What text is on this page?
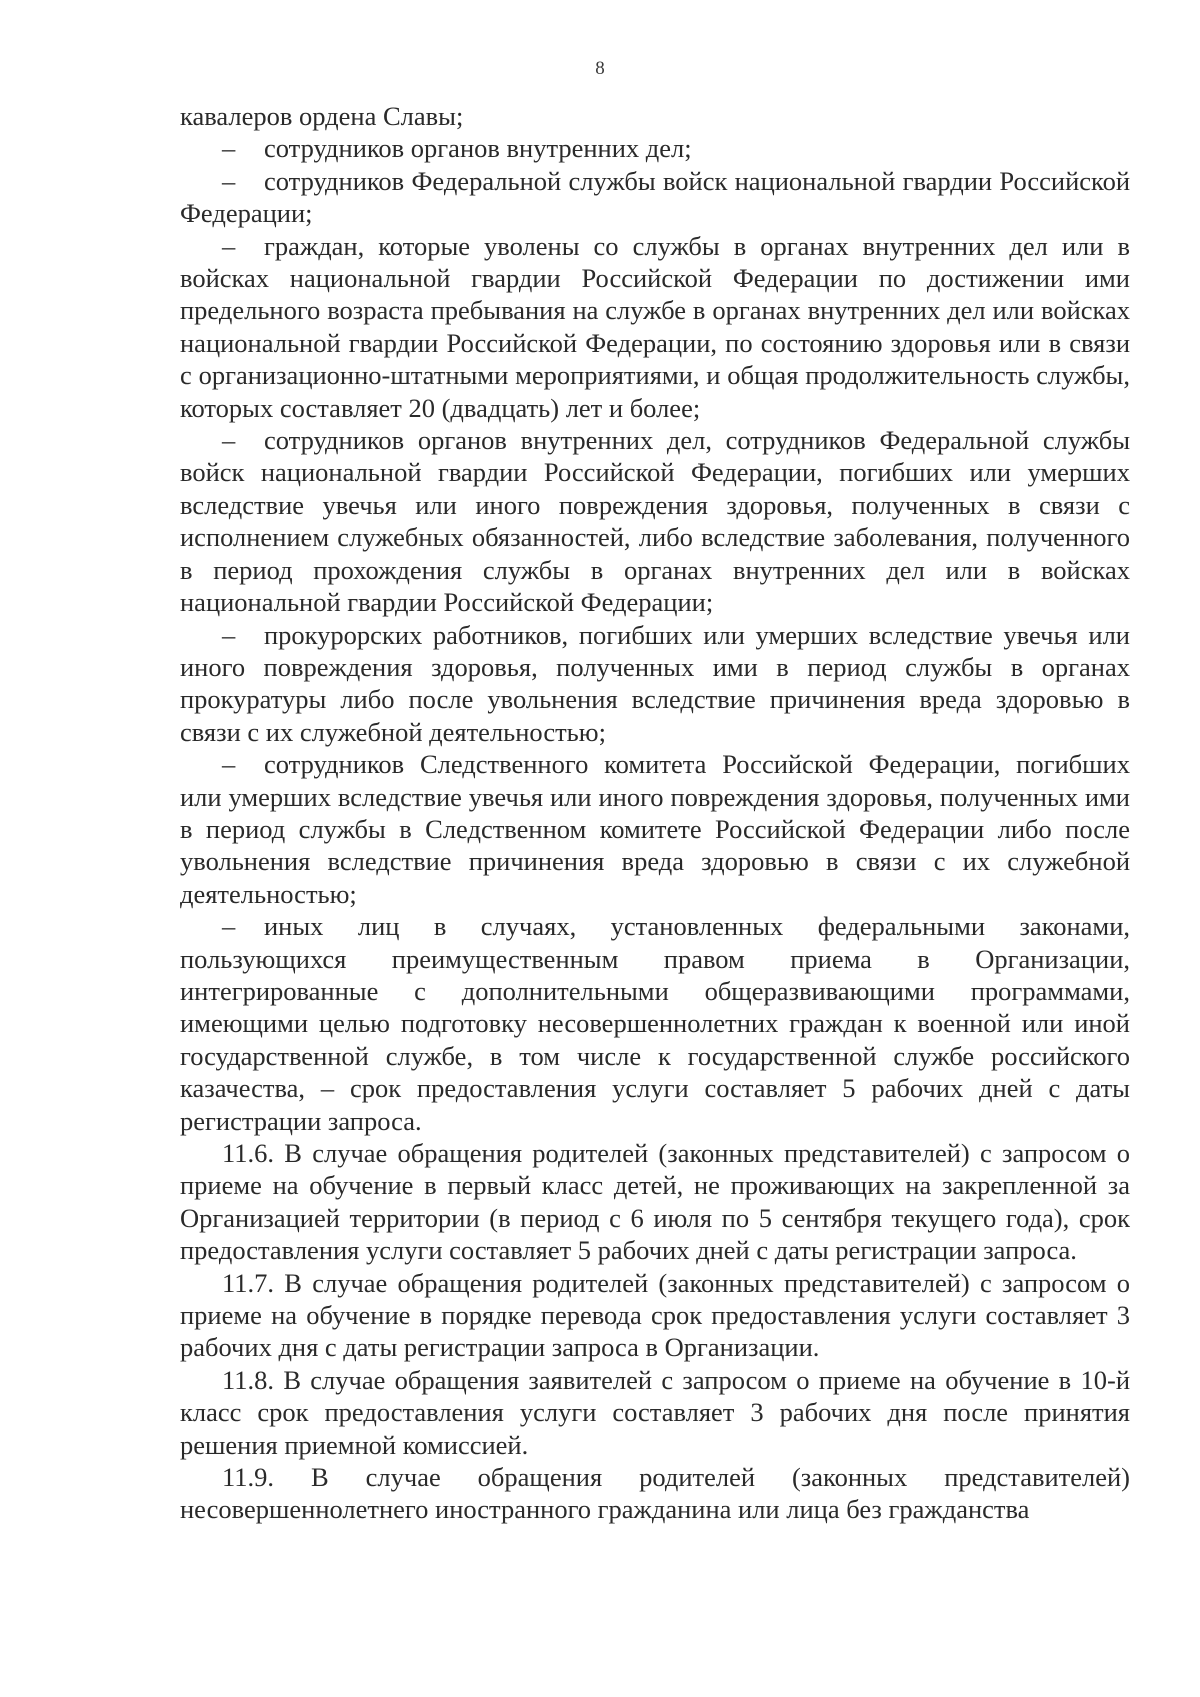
8

кавалеров ордена Славы;

– сотрудников органов внутренних дел;

– сотрудников Федеральной службы войск национальной гвардии Российской Федерации;

– граждан, которые уволены со службы в органах внутренних дел или в войсках национальной гвардии Российской Федерации по достижении ими предельного возраста пребывания на службе в органах внутренних дел или войсках национальной гвардии Российской Федерации, по состоянию здоровья или в связи с организационно-штатными мероприятиями, и общая продолжительность службы, которых составляет 20 (двадцать) лет и более;

– сотрудников органов внутренних дел, сотрудников Федеральной службы войск национальной гвардии Российской Федерации, погибших или умерших вследствие увечья или иного повреждения здоровья, полученных в связи с исполнением служебных обязанностей, либо вследствие заболевания, полученного в период прохождения службы в органах внутренних дел или в войсках национальной гвардии Российской Федерации;

– прокурорских работников, погибших или умерших вследствие увечья или иного повреждения здоровья, полученных ими в период службы в органах прокуратуры либо после увольнения вследствие причинения вреда здоровью в связи с их служебной деятельностью;

– сотрудников Следственного комитета Российской Федерации, погибших или умерших вследствие увечья или иного повреждения здоровья, полученных ими в период службы в Следственном комитете Российской Федерации либо после увольнения вследствие причинения вреда здоровью в связи с их служебной деятельностью;

– иных лиц в случаях, установленных федеральными законами, пользующихся преимущественным правом приема в Организации, интегрированные с дополнительными общеразвивающими программами, имеющими целью подготовку несовершеннолетних граждан к военной или иной государственной службе, в том числе к государственной службе российского казачества, – срок предоставления услуги составляет 5 рабочих дней с даты регистрации запроса.

11.6. В случае обращения родителей (законных представителей) с запросом о приеме на обучение в первый класс детей, не проживающих на закрепленной за Организацией территории (в период с 6 июля по 5 сентября текущего года), срок предоставления услуги составляет 5 рабочих дней с даты регистрации запроса.

11.7. В случае обращения родителей (законных представителей) с запросом о приеме на обучение в порядке перевода срок предоставления услуги составляет 3 рабочих дня с даты регистрации запроса в Организации.

11.8. В случае обращения заявителей с запросом о приеме на обучение в 10-й класс срок предоставления услуги составляет 3 рабочих дня после принятия решения приемной комиссией.

11.9. В случае обращения родителей (законных представителей) несовершеннолетнего иностранного гражданина или лица без гражданства
